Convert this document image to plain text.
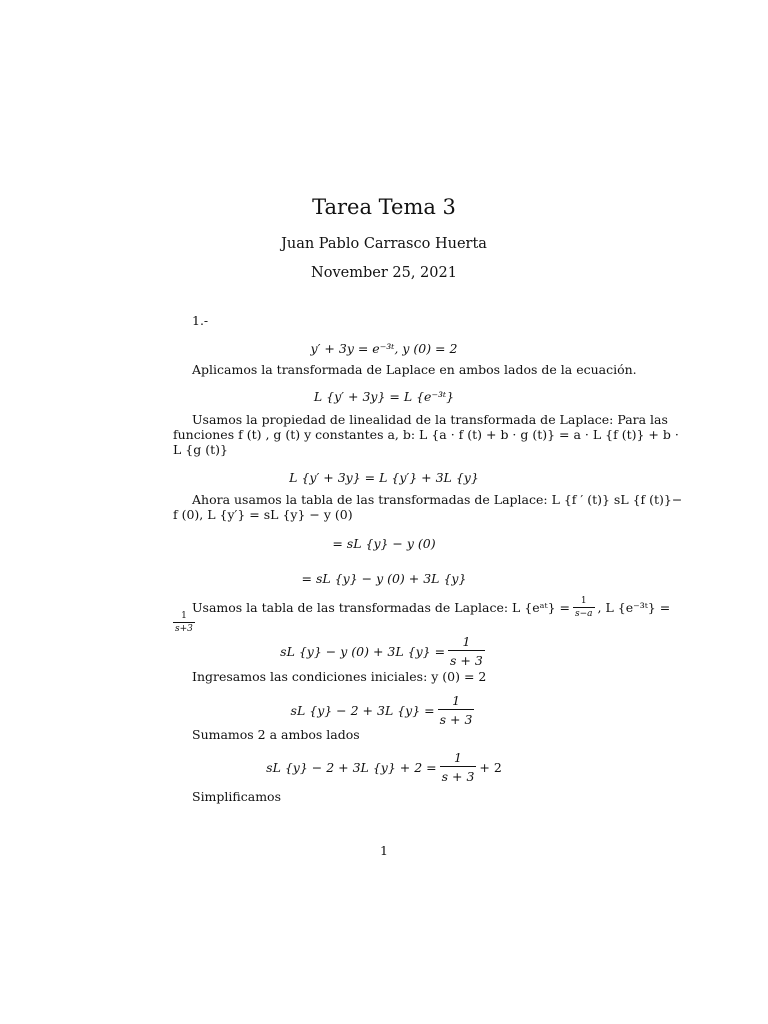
Tarea Tema 3
Juan Pablo Carrasco Huerta
November 25, 2021
1.-
y′ + 3y = e⁻³ᵗ, y (0) = 2
Aplicamos la transformada de Laplace en ambos lados de la ecuación.
L {y′ + 3y} = L {e⁻³ᵗ}
Usamos la propiedad de linealidad de la transformada de Laplace: Para las
funciones f (t) , g (t) y constantes a, b: L {a · f (t) + b · g (t)} = a · L {f (t)} + b ·
L {g (t)}
L {y′ + 3y} = L {y′} + 3L {y}
Ahora usamos la tabla de las transformadas de Laplace: L {f ′ (t)} sL {f (t)}−
f (0), L {y′} = sL {y} − y (0)
= sL {y} − y (0)
= sL {y} − y (0) + 3L {y}
Usamos la tabla de las transformadas de Laplace: L {eᵃᵗ} = $\frac{1}{s-a}$ , L {e⁻³ᵗ} =
$\frac{1}{s+3}$
sL {y} − y (0) + 3L $\{y\} = \frac{1}{s + 3}$
Ingresamos las condiciones iniciales: y (0) = 2
sL {y} − 2 + 3L $\{y\} = \frac{1}{s + 3}$
Sumamos 2 a ambos lados
sL {y} − 2 + 3L $\{y\} + 2 = \frac{1}{s + 3} + 2$
Simplificamos
1
